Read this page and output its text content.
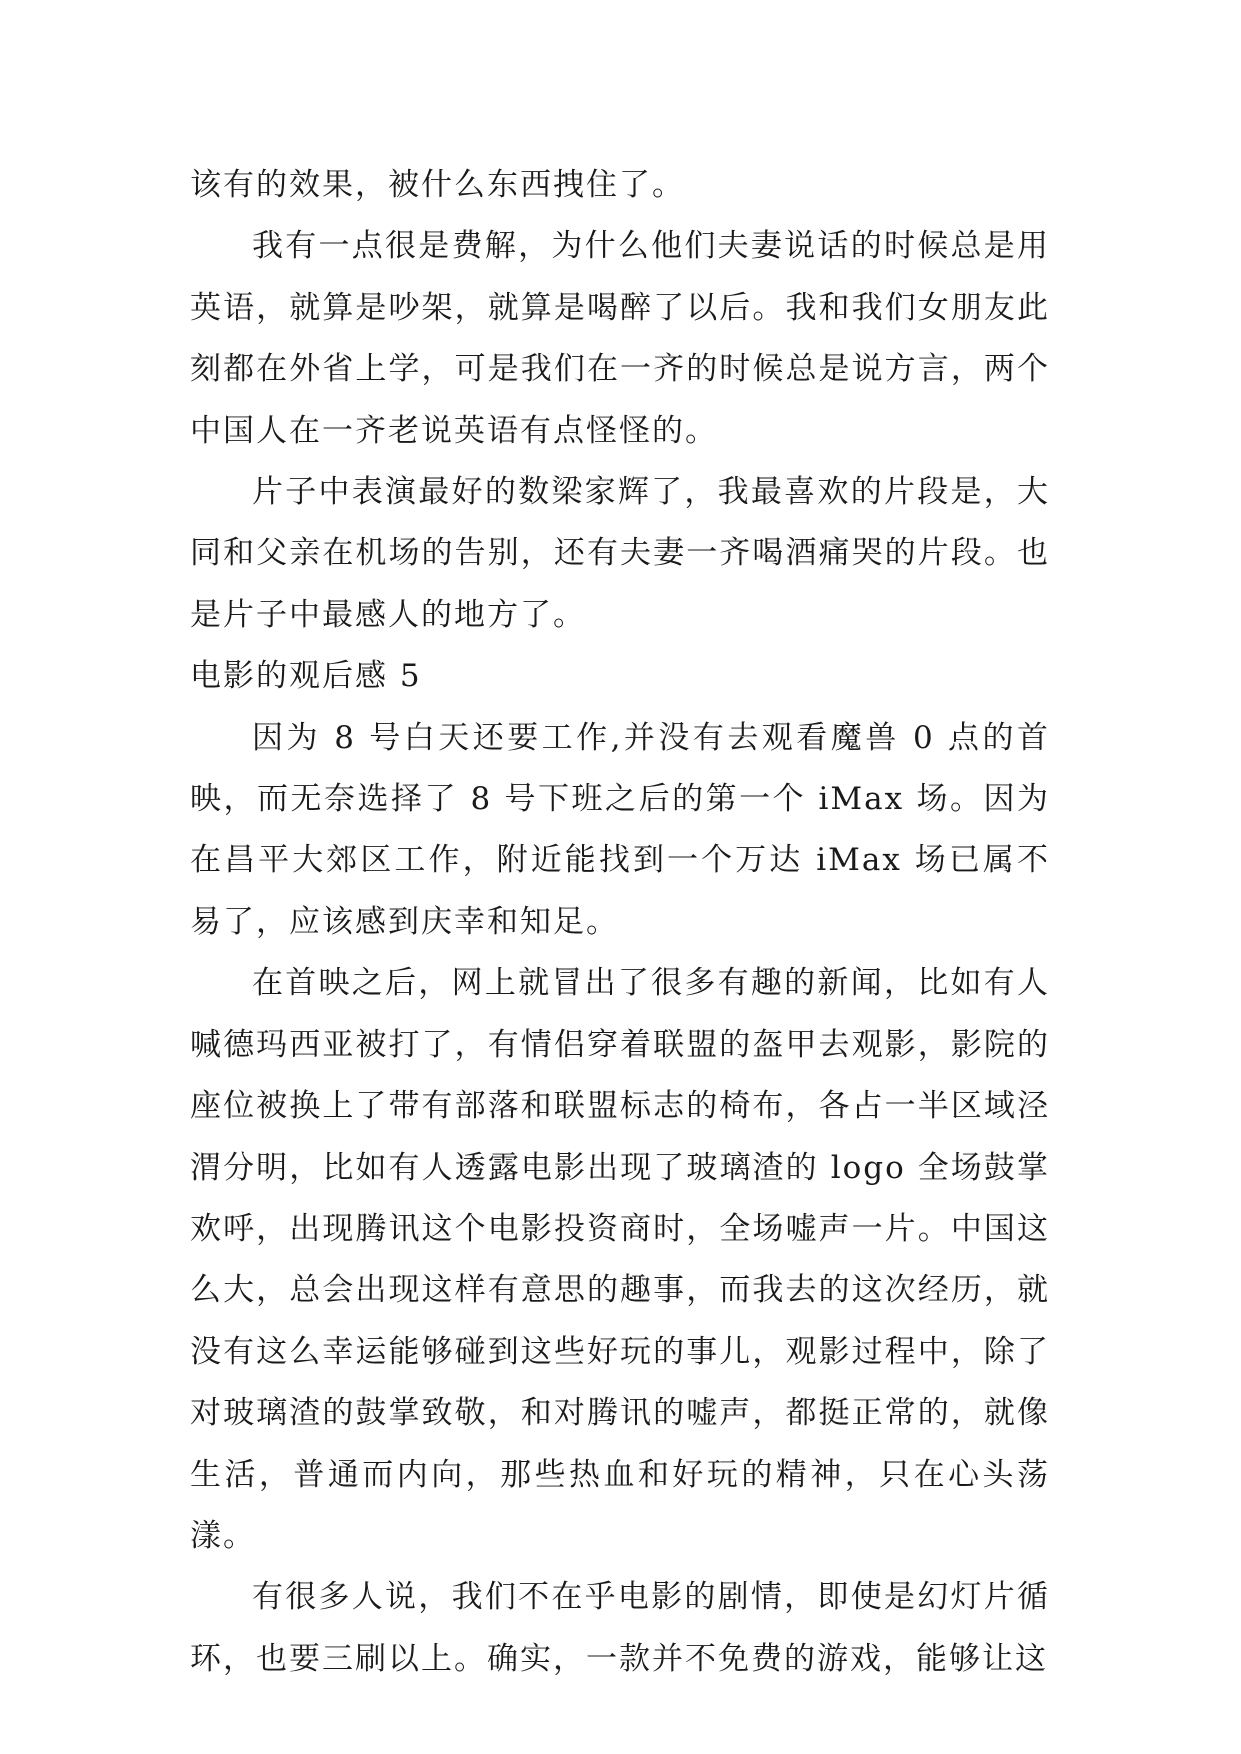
该有的效果，被什么东西拽住了。

我有一点很是费解，为什么他们夫妻说话的时候总是用英语，就算是吵架，就算是喝醉了以后。我和我们女朋友此刻都在外省上学，可是我们在一齐的时候总是说方言，两个中国人在一齐老说英语有点怪怪的。

片子中表演最好的数梁家辉了，我最喜欢的片段是，大同和父亲在机场的告别，还有夫妻一齐喝酒痛哭的片段。也是片子中最感人的地方了。

电影的观后感 5

因为 8 号白天还要工作,并没有去观看魔兽 0 点的首映，而无奈选择了 8 号下班之后的第一个 iMax 场。因为在昌平大郊区工作，附近能找到一个万达 iMax 场已属不易了，应该感到庆幸和知足。

在首映之后，网上就冒出了很多有趣的新闻，比如有人喊德玛西亚被打了，有情侣穿着联盟的盔甲去观影，影院的座位被换上了带有部落和联盟标志的椅布，各占一半区域泾渭分明，比如有人透露电影出现了玻璃渣的 logo 全场鼓掌欢呼，出现腾讯这个电影投资商时，全场嘘声一片。中国这么大，总会出现这样有意思的趣事，而我去的这次经历，就没有这么幸运能够碰到这些好玩的事儿，观影过程中，除了对玻璃渣的鼓掌致敬，和对腾讯的嘘声，都挺正常的，就像生活，普通而内向，那些热血和好玩的精神，只在心头荡漾。

有很多人说，我们不在乎电影的剧情，即使是幻灯片循环，也要三刷以上。确实，一款并不免费的游戏，能够让这
